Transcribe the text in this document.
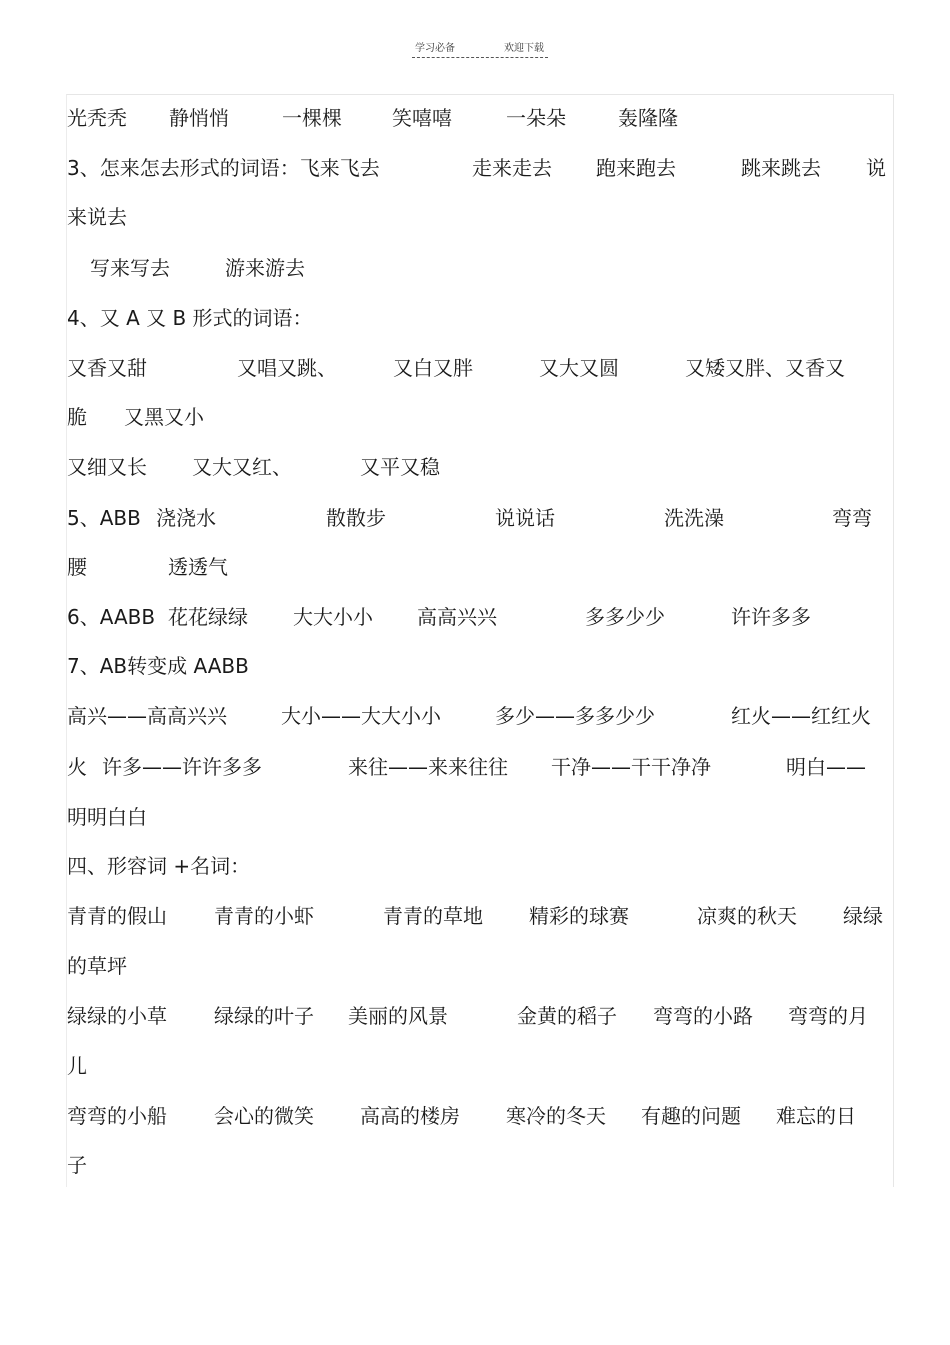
学习必备	欢迎下载
光秃秃 静悄悄	一棵棵	笑嘻嘻	一朵朵	轰隆隆
3、怎来怎去形式的词语：飞来飞去	走来走去 跑来跑去	跳来跳去 说
来说去
写来写去	游来游去
4、又 A 又 B 形式的词语：
又香又甜	又唱又跳、	又白又胖	又大又圆	又矮又胖、又香又
脆 又黑又小
又细又长 又大又红、	又平又稳
5、ABB 浇浇水	散散步	说说话	洗洗澡	弯弯
腰	透透气
6、AABB 花花绿绿 大大小小 高高兴兴	多多少少	许许多多
7、AB转变成 AABB
高兴——高高兴兴	大小——大大小小	多少——多多少少	红火——红红火
火 许多——许许多多	来往——来来往往 干净——干干净净	明白——
明明白白
四、形容词 +名词：
青青的假山 青青的小虾	青青的草地 精彩的球赛	凉爽的秋天 绿绿
的草坪
绿绿的小草 绿绿的叶子 美丽的风景	金黄的稻子 弯弯的小路 弯弯的月
儿
弯弯的小船 会心的微笑 高高的楼房 寒冷的冬天 有趣的问题 难忘的日
子
